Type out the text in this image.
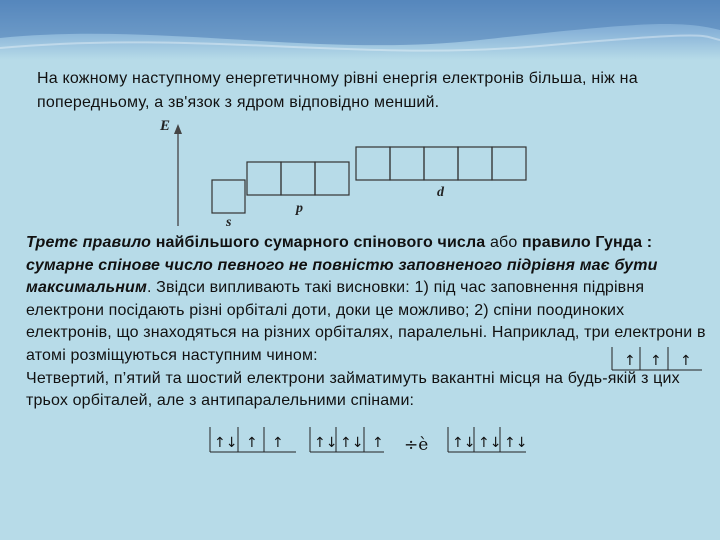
На кожному наступному енергетичному рівні енергія електронів більша, ніж на попередньому, а зв'язок з ядром відповідно менший.
E
s
p
d
Третє правило найбільшого сумарного спінового числа або правило Гунда : сумарне спінове число певного не повністю заповненого підрівня має бути максимальним. Звідси випливають такі висновки: 1) під час заповнення підрівня електрони посідають різні орбіталі доти, доки це можливо; 2) спіни поодиноких електронів, що знаходяться на різних орбіталях, паралельні. Наприклад, три електрони в атомі розміщуються наступним чином:
Четвертий, п’ятий та шостий електрони займатимуть вакантні місця на будь-якій з цих трьох орбіталей, але з антипаралельними спінами:
↑ ↑ ↑
↑↓ ↑ ↑ ↑↓ ↑↓ ↑ ÷è ↑↓ ↑↓ ↑↓
